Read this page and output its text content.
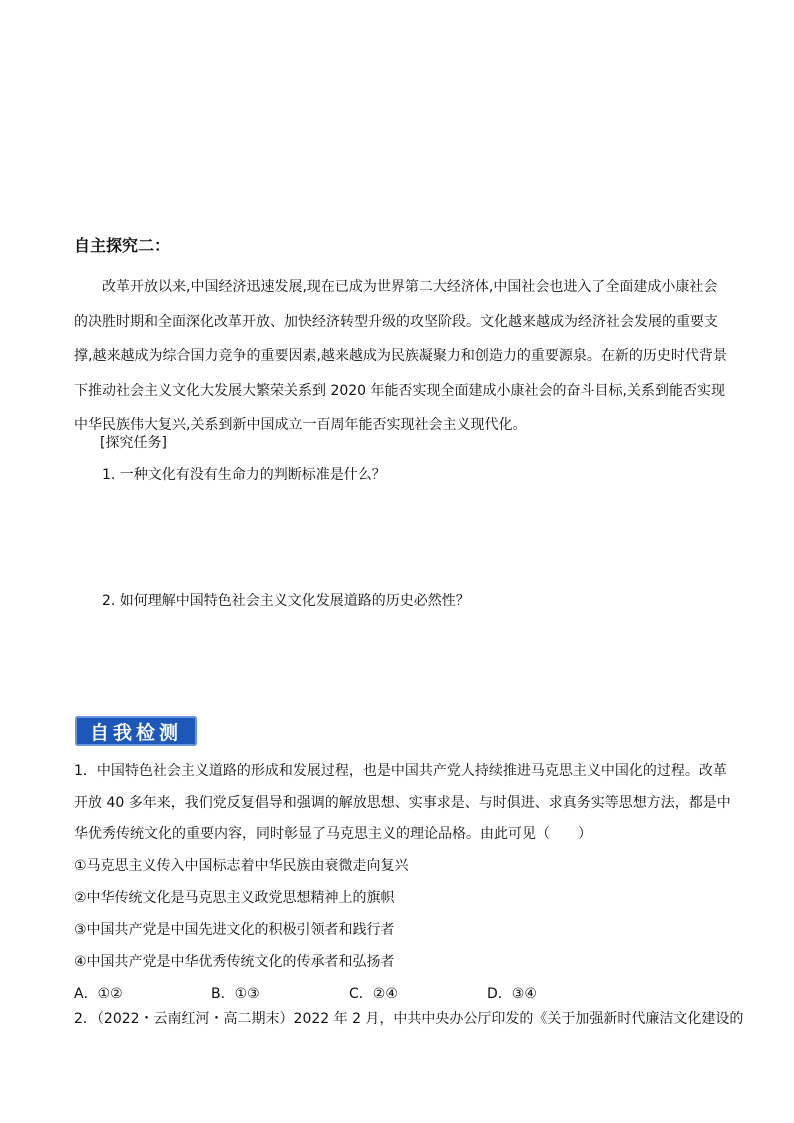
自主探究二：
改革开放以来,中国经济迅速发展,现在已成为世界第二大经济体,中国社会也进入了全面建成小康社会
的决胜时期和全面深化改革开放、加快经济转型升级的攻坚阶段。文化越来越成为经济社会发展的重要支
撑,越来越成为综合国力竞争的重要因素,越来越成为民族凝聚力和创造力的重要源泉。在新的历史时代背景
下推动社会主义文化大发展大繁荣关系到 2020 年能否实现全面建成小康社会的奋斗目标,关系到能否实现
中华民族伟大复兴,关系到新中国成立一百周年能否实现社会主义现代化。
[探究任务]
1. 一种文化有没有生命力的判断标准是什么？
2. 如何理解中国特色社会主义文化发展道路的历史必然性？
自我检测
1．中国特色社会主义道路的形成和发展过程，也是中国共产党人持续推进马克思主义中国化的过程。改革
开放 40 多年来，我们党反复倡导和强调的解放思想、实事求是、与时俱进、求真务实等思想方法，都是中
华优秀传统文化的重要内容，同时彰显了马克思主义的理论品格。由此可见（　　）
①马克思主义传入中国标志着中华民族由衰微走向复兴
②中华传统文化是马克思主义政党思想精神上的旗帜
③中国共产党是中国先进文化的积极引领者和践行者
④中国共产党是中华优秀传统文化的传承者和弘扬者
A．①②	B．①③	C．②④	D．③④
2．（2022・云南红河・高二期末）2022 年 2 月，中共中央办公厅印发的《关于加强新时代廉洁文化建设的
